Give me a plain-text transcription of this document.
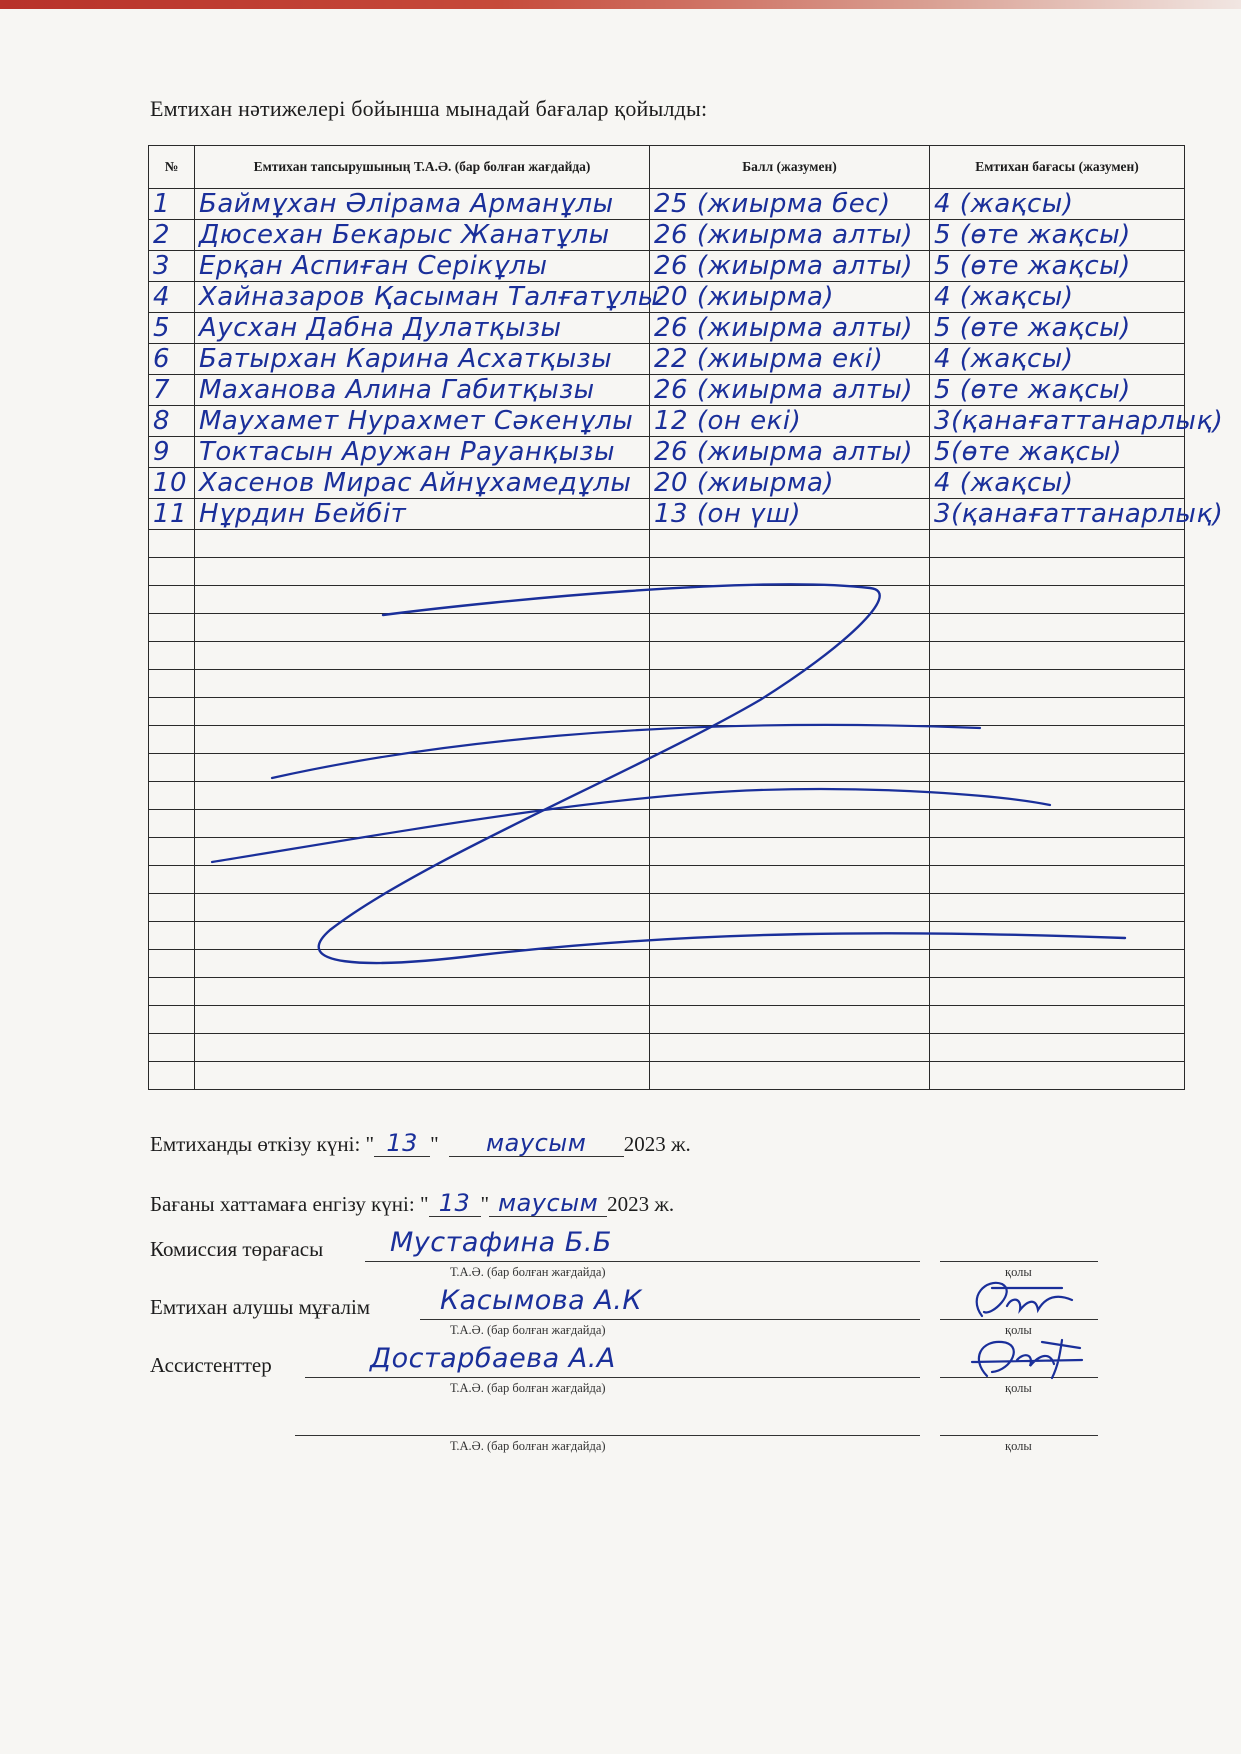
Емтихан нәтижелері бойынша мынадай бағалар қойылды:
№	Емтихан тапсырушының Т.А.Ә. (бар болған жағдайда)	Балл (жазумен)	Емтихан бағасы (жазумен)
1	Баймұхан Әлірама Арманұлы	25 (жиырма бес)	4 (жақсы)
2	Дюсехан Бекарыс Жанатұлы	26 (жиырма алты)	5 (өте жақсы)
3	Ерқан Аспиған Серікұлы	26 (жиырма алты)	5 (өте жақсы)
4	Хайназаров Қасыман Талғатұлы	20 (жиырма)	4 (жақсы)
5	Аусхан Дабна Дулатқызы	26 (жиырма алты)	5 (өте жақсы)
6	Батырхан Карина Асхатқызы	22 (жиырма екі)	4 (жақсы)
7	Маханова Алина Габитқызы	26 (жиырма алты)	5 (өте жақсы)
8	Маухамет Нурахмет Сәкенұлы	12 (он екі)	3(қанағаттанарлық)
9	Токтасын Аружан Рауанқызы	26 (жиырма алты)	5(өте жақсы)
10	Хасенов Мирас Айнұхамедұлы	20 (жиырма)	4 (жақсы)
11	Нұрдин Бейбіт	13 (он үш)	3(қанағаттанарлық)

Емтиханды өткізу күні: " 13 "	маусым	2023 ж.
Бағаны хаттамаға енгізу күні: " 13 " маусым 2023 ж.
Комиссия төрағасы Мустафина Б.Б
Т.А.Ә. (бар болған жағдайда)	қолы
Емтихан алушы мұғалім	Касымова А.К
Т.А.Ә. (бар болған жағдайда)	қолы
Ассистенттер	Достарбаева А.А
Т.А.Ә. (бар болған жағдайда)	қолы
Т.А.Ә. (бар болған жағдайда)	қолы
